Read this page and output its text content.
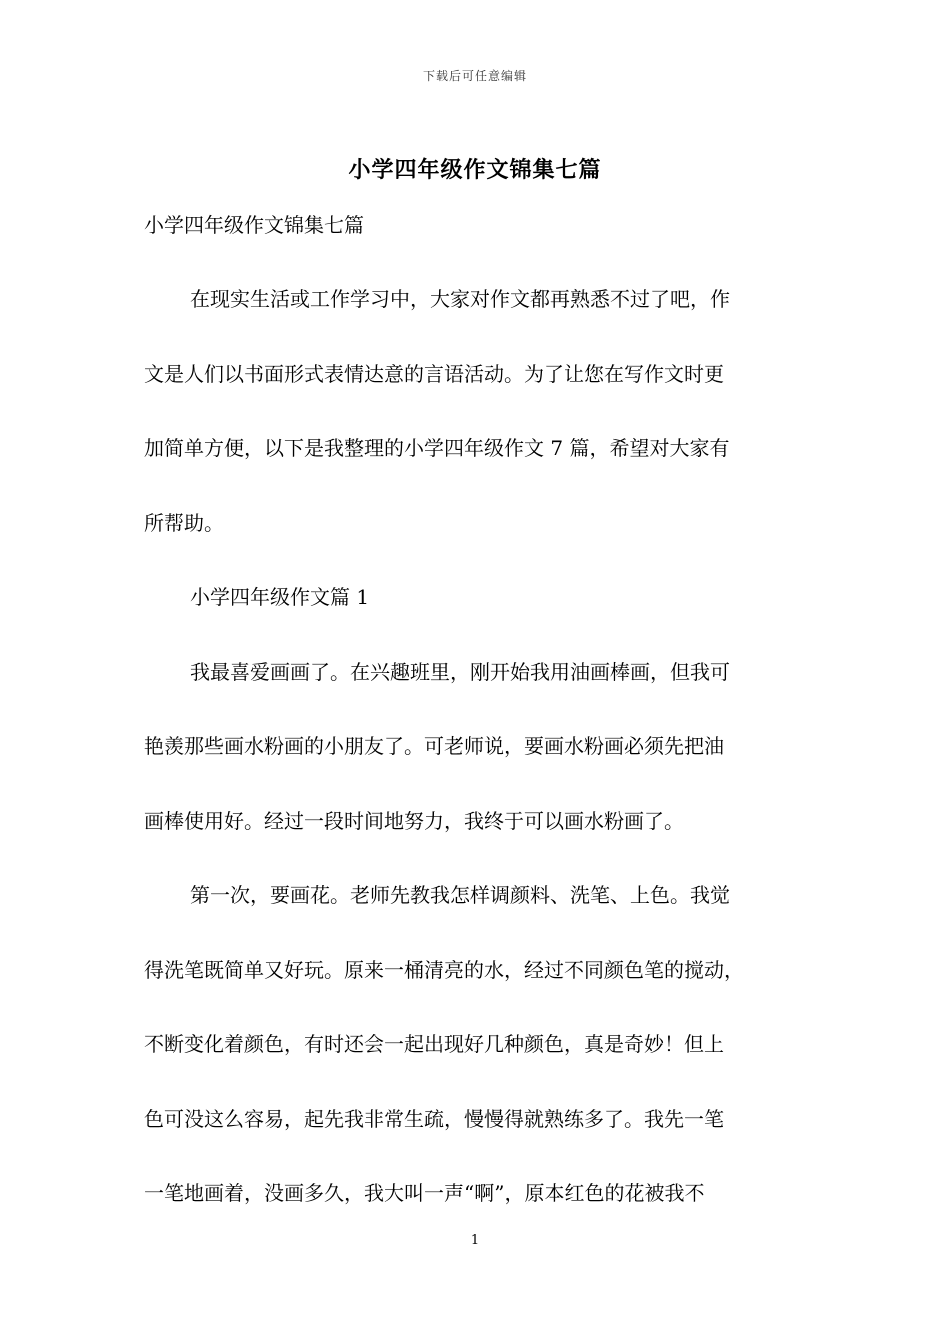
下载后可任意编辑
小学四年级作文锦集七篇
小学四年级作文锦集七篇
在现实生活或工作学习中，大家对作文都再熟悉不过了吧，作
文是人们以书面形式表情达意的言语活动。为了让您在写作文时更
加简单方便，以下是我整理的小学四年级作文 7 篇，希望对大家有
所帮助。
小学四年级作文篇 1
我最喜爱画画了。在兴趣班里，刚开始我用油画棒画，但我可
艳羡那些画水粉画的小朋友了。可老师说，要画水粉画必须先把油
画棒使用好。经过一段时间地努力，我终于可以画水粉画了。
第一次，要画花。老师先教我怎样调颜料、洗笔、上色。我觉
得洗笔既简单又好玩。原来一桶清亮的水，经过不同颜色笔的搅动，
不断变化着颜色，有时还会一起出现好几种颜色，真是奇妙！但上
色可没这么容易，起先我非常生疏，慢慢得就熟练多了。我先一笔
一笔地画着，没画多久，我大叫一声“啊”，原本红色的花被我不
1
